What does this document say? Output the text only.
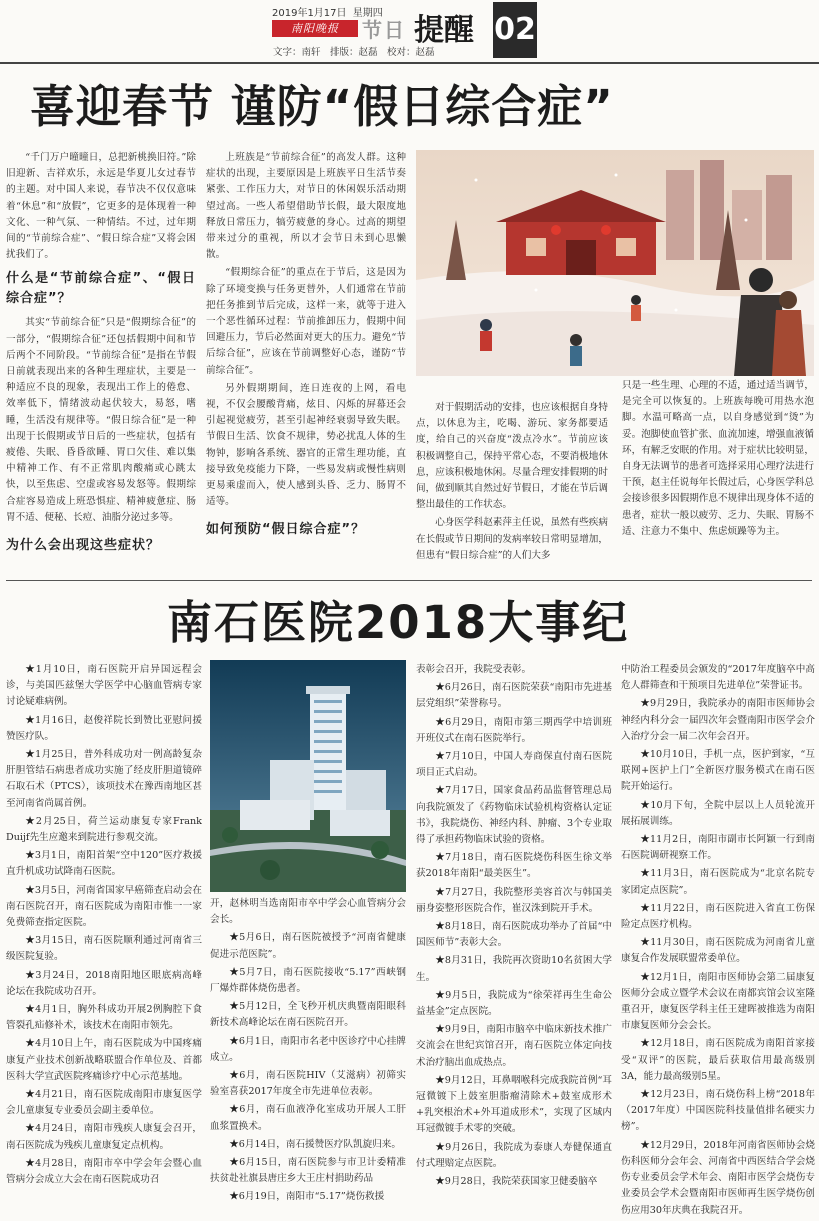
2019年1月17日 星期四
南阳晚报	节日 提醒 02
文字：南轩　排版：赵磊　校对：赵磊
喜迎春节 谨防“假日综合症”

“千门万户曈曈日，总把新桃换旧符。”除旧迎新、吉祥欢乐，永远是华夏儿女过春节的主题。对中国人来说，春节决不仅仅意味着“休息”和“放假”，它更多的是体现着一种文化、一种气氛、一种情结。不过，过年期间的“节前综合症”、“假日综合症”又将会困扰我们了。

什么是“节前综合症”、“假日综合症”？

其实“节前综合征”只是“假期综合征”的一部分，“假期综合征”还包括假期中间和节后两个不同阶段。“节前综合征”是指在节假日前就表现出来的各种生理症状，主要是一种适应不良的现象，表现出工作上的倦怠、效率低下，情绪波动起伏较大，易怒，嗜睡，生活没有规律等。“假日综合征”是一种出现于长假期或节日后的一些症状，包括有疲倦、失眠、昏昏欲睡、胃口欠佳、难以集中精神工作、有不正常肌肉酸痛或心跳太快，以至焦虑、空虚或容易发怒等。假期综合症容易造成上班恐惧症、精神疲惫症、肠胃不适、便秘、长痘、油脂分泌过多等。

为什么会出现这些症状？

上班族是“节前综合征”的高发人群。这种症状的出现，主要原因是上班族平日生活节奏紧张、工作压力大，对节日的休闲娱乐活动期望过高。一些人希望借助节长假，最大限度地释放日常压力，犒劳疲惫的身心。过高的期望带来过分的重视，所以才会节日未到心思懒散。

“假期综合征”的重点在于节后，这是因为除了环境变换与任务更替外，人们通常在节前把任务推到节后完成，这样一来，就等于进入一个恶性循环过程：节前推卸压力，假期中间回避压力，节后必然面对更大的压力。避免“节后综合征”，应该在节前调整好心态，谨防“节前综合征”。

另外假期期间，连日连夜的上网，看电视，不仅会腰酸背痛，炫目、闪烁的屏幕还会引起视觉疲劳，甚至引起神经衰弱导致失眠。节假日生活、饮食不规律，势必扰乱人体的生物钟，影响各系统、器官的正常生理功能，直接导致免疫能力下降，一些易发病或慢性病则更易乘虚而入，使人感到头昏、乏力、肠胃不适等。

如何预防“假日综合症”？

对于假期活动的安排，也应该根据自身特点，以休息为主，吃喝、游玩、家务都要适度，给自己的兴奋度“泼点冷水”。节前应该积极调整自己，保持平常心态，不要消极地休息，应该积极地休闲。尽量合理安排假期的时间，做到顺其自然过好节假日，才能在节后调整出最佳的工作状态。

心身医学科赵素萍主任说，虽然有些疾病在长假或节日期间的发病率较日常明显增加，但患有“假日综合症”的人们大多

只是一些生理、心理的不适，通过适当调节，是完全可以恢复的。上班族每晚可用热水泡脚。水温可略高一点，以自身感觉到“烫”为妥。泡脚使血管扩张、血流加速，增强血液循环，有解乏安眠的作用。对于症状比较明显，自身无法调节的患者可选择采用心理疗法进行干预，赵主任说每年长假过后，心身医学科总会接诊很多因假期作息不规律出现身体不适的患者，症状一般以疲劳、乏力、失眠、胃肠不适、注意力不集中、焦虑烦躁等为主。

南石医院2018大事纪

★1月10日，南石医院开启异国远程会诊，与美国匹兹堡大学医学中心脑血管病专家讨论疑难病例。

★1月16日，赵俊祥院长到赞比亚慰问援赞医疗队。

★1月25日，普外科成功对一例高龄复杂肝胆管结石病患者成功实施了经皮肝胆道镜碎石取石术（PTCS），该项技术在豫西南地区甚至河南省尚属首例。

★2月25日，荷兰运动康复专家Frank Duijf先生应邀来到院进行参观交流。

★3月1日，南阳首架“空中120”医疗救援直升机成功试降南石医院。

★3月5日，河南省国家早癌筛查启动会在南石医院召开，南石医院成为南阳市惟一一家免费筛查指定医院。

★3月15日，南石医院顺利通过河南省三级医院复验。

★3月24日，2018南阳地区眼底病高峰论坛在我院成功召开。

★4月1日，胸外科成功开展2例胸腔下食管裂孔疝修补术，该技术在南阳市领先。

★4月10日上午，南石医院成为中国疼痛康复产业技术创新战略联盟合作单位及、首都医科大学宣武医院疼痛诊疗中心示范基地。

★4月21日，南石医院成南阳市康复医学会儿童康复专业委员会副主委单位。

★4月24日，南阳市残疾人康复会召开，南石医院成为残疾儿童康复定点机构。

★4月28日，南阳市卒中学会年会暨心血管病分会成立大会在南石医院成功召

开，赵林明当选南阳市卒中学会心血管病分会会长。

★5月6日，南石医院被授予“河南省健康促进示范医院”。

★5月7日，南石医院接收“5.17”西峡钢厂爆炸群体烧伤患者。

★5月12日，全飞秒开机庆典暨南阳眼科新技术高峰论坛在南石医院召开。

★6月1日，南阳市名老中医诊疗中心挂牌成立。

★6月，南石医院HIV（艾滋病）初筛实验室喜获2017年度全市先进单位表彰。

★6月，南石血液净化室成功开展人工肝血浆置换术。

★6月14日，南石援赞医疗队凯旋归来。

★6月15日，南石医院参与市卫计委精准扶贫赴社旗县唐庄乡大王庄村捐助药品

★6月19日，南阳市“5.17”烧伤救援

表彰会召开，我院受表彰。

★6月26日，南石医院荣获“南阳市先进基层党组织”荣誉称号。

★6月29日，南阳市第三期西学中培训班开班仪式在南石医院举行。

★7月10日，中国人寿商保直付南石医院项目正式启动。

★7月17日，国家食品药品监督管理总局向我院颁发了《药物临床试验机构资格认定证书》，我院烧伤、神经内科、肿瘤、3个专业取得了承担药物临床试验的资格。

★7月18日，南石医院烧伤科医生徐文举获2018年南阳“最美医生”。

★7月27日，我院整形美容首次与韩国美丽身姿整形医院合作，崔汉洙到院开手术。

★8月18日，南石医院成功举办了首届“中国医师节”表彰大会。

★8月31日，我院再次资助10名贫困大学生。

★9月5日，我院成为“徐荣祥再生生命公益基金”定点医院。

★9月9日，南阳市脑卒中临床新技术推广交流会在世纪宾馆召开，南石医院立体定向技术治疗脑出血成热点。

★9月12日，耳鼻咽喉科完成我院首例“耳冠微镀下上鼓室胆脂瘤清除术+鼓室成形术+乳突根治术+外耳道成形术”，实现了区域内耳冠微镀手术零的突破。

★9月26日，我院成为泰康人寿健保通直付式理赔定点医院。

★9月28日，我院荣获国家卫健委脑卒

中防治工程委员会颁发的“2017年度脑卒中高危人群筛查和干预项目先进单位”荣誉证书。

★9月29日，我院承办的南阳市医师协会神经内科分会一届四次年会暨南阳市医学会介入治疗分会一届二次年会召开。

★10月10日，手机一点，医护到家，“互联网+医护上门”全新医疗服务模式在南石医院开始运行。

★10月下旬，全院中层以上人员轮流开展拓展训练。

★11月2日，南阳市副市长阿颖一行到南石医院调研视察工作。

★11月3日，南石医院成为“北京名院专家团定点医院”。

★11月22日，南石医院进入省直工伤保险定点医疗机构。

★11月30日，南石医院成为河南省儿童康复合作发展联盟常委单位。

★12月1日，南阳市医师协会第二届康复医师分会成立暨学术会议在南都宾馆会议室隆重召开，康复医学科主任王建晖被推选为南阳市康复医师分会会长。

★12月18日，南石医院成为南阳首家接受“双评”的医院，最后获取信用最高级别3A，能力最高级别5星。

★12月23日，南石烧伤科上榜“2018年（2017年度）中国医院科技量值排名硬实力榜”。

★12月29日，2018年河南省医师协会烧伤科医师分会年会、河南省中西医结合学会烧伤专业委员会学术年会、南阳市医学会烧伤专业委员会学术会暨南阳市医师再生医学烧伤创伤应用30年庆典在我院召开。
